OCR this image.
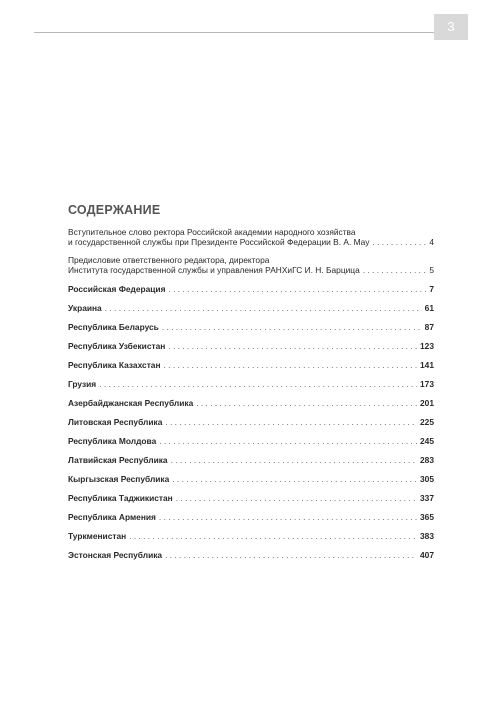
3
СОДЕРЖАНИЕ
Вступительное слово ректора Российской академии народного хозяйства
и государственной службы при Президенте Российской Федерации В. А. Мау . . .	4
Предисловие ответственного редактора, директора
Института государственной службы и управления РАНХиГС И. Н. Барцица . . .	5
Российская Федерация . . .	7
Украина . . .	61
Республика Беларусь . . .	87
Республика Узбекистан . . .	123
Республика Казахстан . . .	141
Грузия . . .	173
Азербайджанская Республика . . .	201
Литовская Республика . . .	225
Республика Молдова . . .	245
Латвийская Республика . . .	283
Кыргызская Республика . . .	305
Республика Таджикистан . . .	337
Республика Армения . . .	365
Туркменистан . . .	383
Эстонская Республика . . .	407
